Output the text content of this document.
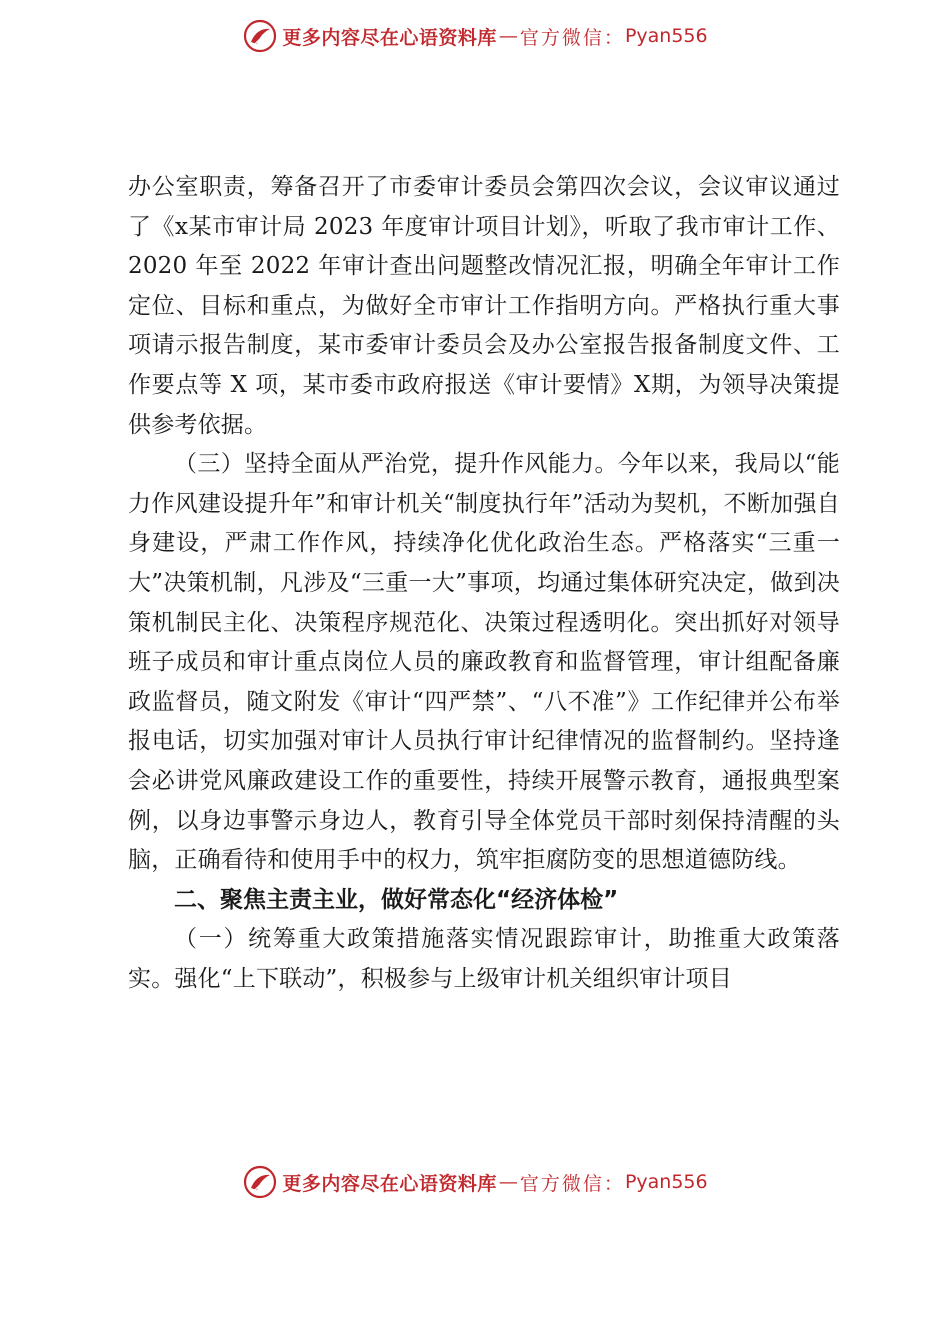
更多内容尽在心语资料库 — 官方微信： Pyan556

办公室职责，筹备召开了市委审计委员会第四次会议，会议审议通过了《x某市审计局 2023 年度审计项目计划》，听取了我市审计工作、2020 年至 2022 年审计查出问题整改情况汇报，明确全年审计工作定位、目标和重点，为做好全市审计工作指明方向。严格执行重大事项请示报告制度，某市委审计委员会及办公室报告报备制度文件、工作要点等 X 项，某市委市政府报送《审计要情》X期，为领导决策提供参考依据。

（三）坚持全面从严治党，提升作风能力。今年以来，我局以“能力作风建设提升年”和审计机关“制度执行年”活动为契机，不断加强自身建设，严肃工作作风，持续净化优化政治生态。严格落实“三重一大”决策机制，凡涉及“三重一大”事项，均通过集体研究决定，做到决策机制民主化、决策程序规范化、决策过程透明化。突出抓好对领导班子成员和审计重点岗位人员的廉政教育和监督管理，审计组配备廉政监督员，随文附发《审计“四严禁”、“八不准”》工作纪律并公布举报电话，切实加强对审计人员执行审计纪律情况的监督制约。坚持逢会必讲党风廉政建设工作的重要性，持续开展警示教育，通报典型案例，以身边事警示身边人，教育引导全体党员干部时刻保持清醒的头脑，正确看待和使用手中的权力，筑牢拒腐防变的思想道德防线。

二、聚焦主责主业，做好常态化“经济体检”

（一）统筹重大政策措施落实情况跟踪审计，助推重大政策落实。强化“上下联动”，积极参与上级审计机关组织审计项目

更多内容尽在心语资料库 — 官方微信： Pyan556
